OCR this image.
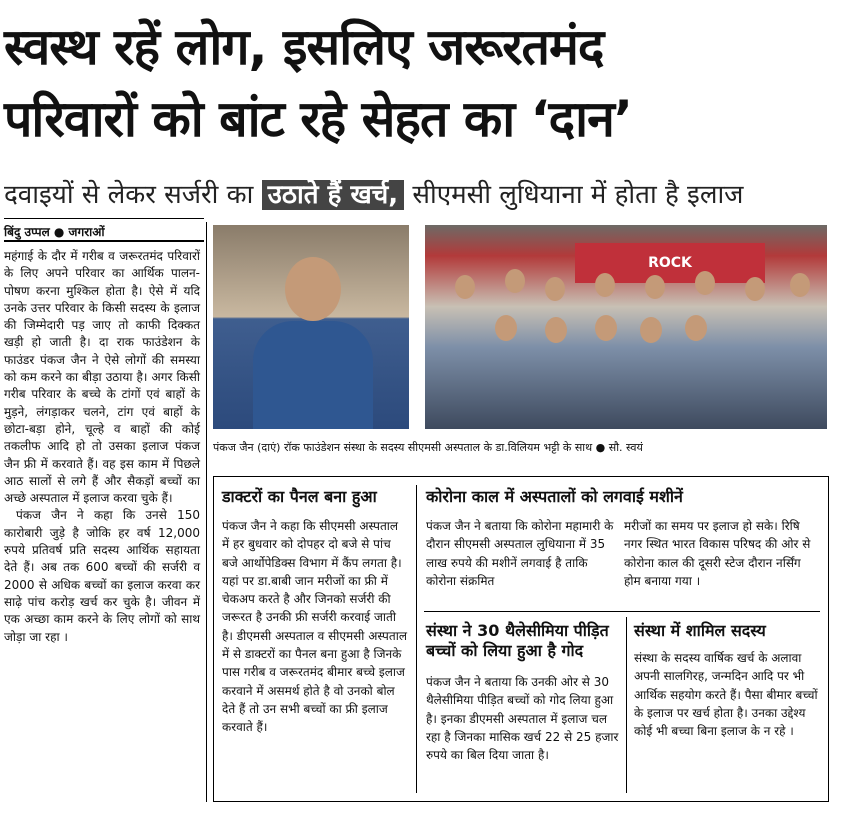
स्वस्थ रहें लोग, इसलिए जरूरतमंद
परिवारों को बांट रहे सेहत का ‘दान’
दवाइयों से लेकर सर्जरी का उठाते हैं खर्च, सीएमसी लुधियाना में होता है इलाज
बिंदु उप्पल ● जगराओं
महंगाई के दौर में गरीब व जरूरतमंद परिवारों के लिए अपने परिवार का आर्थिक पालन-पोषण करना मुश्किल होता है। ऐसे में यदि उनके उत्तर परिवार के किसी सदस्य के इलाज की जिम्मेदारी पड़ जाए तो काफी दिक्कत खड़ी हो जाती है। दा राक फाउंडेशन के फाउंडर पंकज जैन ने ऐसे लोगों की समस्या को कम करने का बीड़ा उठाया है। अगर किसी गरीब परिवार के बच्चे के टांगों एवं बाहों के मुड़ने, लंगड़ाकर चलने, टांग एवं बाहों के छोटा-बड़ा होने, चूल्हे व बाहों की कोई तकलीफ आदि हो तो उसका इलाज पंकज जैन फ्री में करवाते हैं। वह इस काम में पिछले आठ सालों से लगे हैं और सैकड़ों बच्चों का अच्छे अस्पताल में इलाज करवा चुके हैं।
पंकज जैन ने कहा कि उनसे 150 कारोबारी जुड़े है जोकि हर वर्ष 12,000 रुपये प्रतिवर्ष प्रति सदस्य आर्थिक सहायता देते हैं। अब तक 600 बच्चों की सर्जरी व 2000 से अधिक बच्चों का इलाज करवा कर साढ़े पांच करोड़ खर्च कर चुके है। जीवन में एक अच्छा काम करने के लिए लोगों को साथ जोड़ा जा रहा ।
ROCK
पंकज जैन (दाएं) रॉक फाउंडेशन संस्था के सदस्य सीएमसी अस्पताल के डा.विलियम भट्टी के साथ ● सौ. स्वयं
डाक्टरों का पैनल बना हुआ
पंकज जैन ने कहा कि सीएमसी अस्पताल में हर बुधवार को दोपहर दो बजे से पांच बजे आर्थोपेडिक्स विभाग में कैंप लगता है। यहां पर डा.बाबी जान मरीजों का फ्री में चेकअप करते है और जिनको सर्जरी की जरूरत है उनकी फ्री सर्जरी करवाई जाती है। डीएमसी अस्पताल व सीएमसी अस्पताल में से डाक्टरों का पैनल बना हुआ है जिनके पास गरीब व जरूरतमंद बीमार बच्चे इलाज करवाने में असमर्थ होते है वो उनको बोल देते हैं तो उन सभी बच्चों का फ्री इलाज करवाते हैं।
कोरोना काल में अस्पतालों को लगवाई मशीनें
पंकज जैन ने बताया कि कोरोना महामारी के दौरान सीएमसी अस्पताल लुधियाना में 35 लाख रुपये की मशीनें लगवाई है ताकि कोरोना संक्रमित
मरीजों का समय पर इलाज हो सके। रिषि नगर स्थित भारत विकास परिषद की ओर से कोरोना काल की दूसरी स्टेज दौरान नर्सिंग होम बनाया गया ।
संस्था ने 30 थैलेसीमिया पीड़ित बच्चों को लिया हुआ है गोद
पंकज जैन ने बताया कि उनकी ओर से 30 थैलेसीमिया पीड़ित बच्चों को गोद लिया हुआ है। इनका डीएमसी अस्पताल में इलाज चल रहा है जिनका मासिक खर्च 22 से 25 हजार रुपये का बिल दिया जाता है।
संस्था में शामिल सदस्य
संस्था के सदस्य वार्षिक खर्च के अलावा अपनी सालगिरह, जन्मदिन आदि पर भी आर्थिक सहयोग करते हैं। पैसा बीमार बच्चों के इलाज पर खर्च होता है। उनका उद्देश्य कोई भी बच्चा बिना इलाज के न रहे ।
